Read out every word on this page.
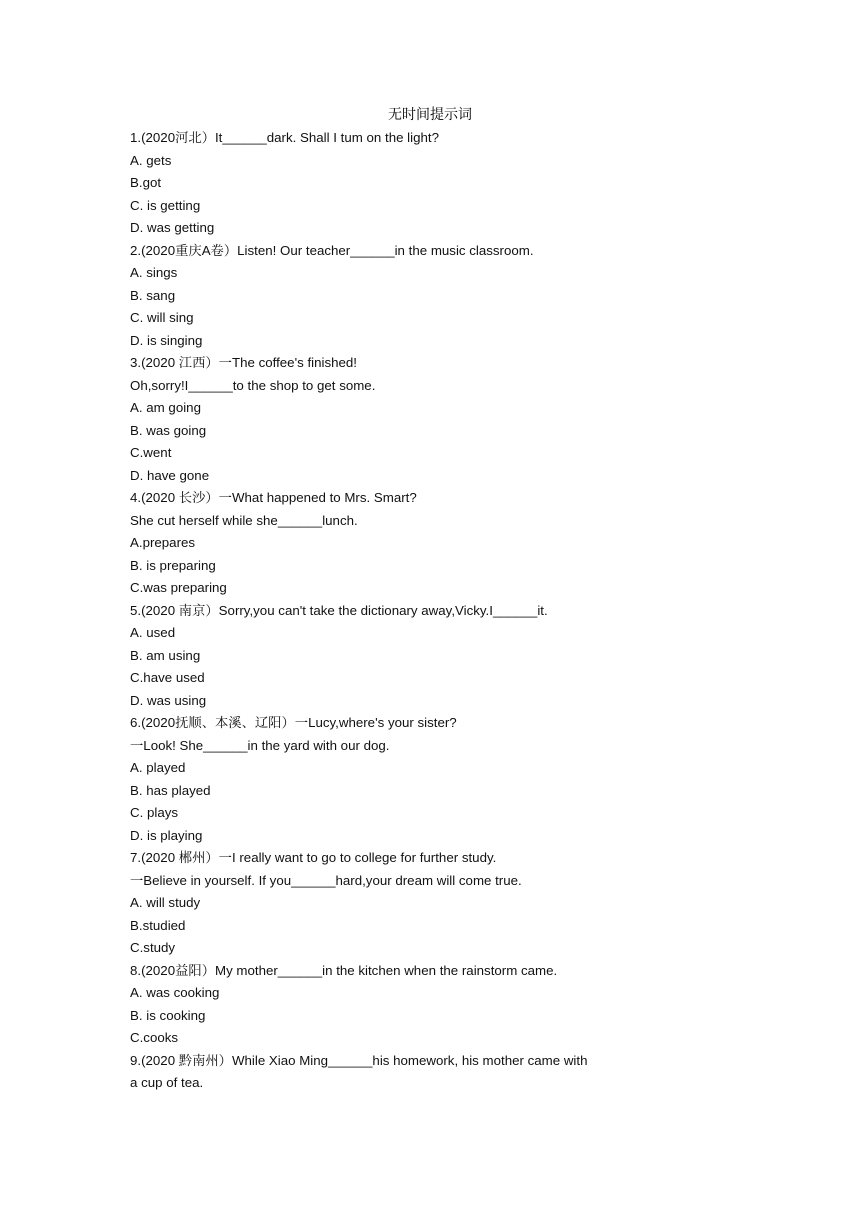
无时间提示词
1.(2020河北）It______dark. Shall I tum on the light?
A. gets
B.got
C. is getting
D. was getting
2.(2020重庆A卷）Listen! Our teacher______in the music classroom.
A. sings
B. sang
C. will sing
D. is singing
3.(2020 江西）一The coffee's finished!
Oh,sorry!I______to the shop to get some.
A. am going
B. was going
C.went
D. have gone
4.(2020 长沙）一What happened to Mrs. Smart?
She cut herself while she______lunch.
A.prepares
B. is preparing
C.was preparing
5.(2020 南京）Sorry,you can't take the dictionary away,Vicky.I______it.
A. used
B. am using
C.have used
D. was using
6.(2020抚顺、本溪、辽阳）一Lucy,where's your sister?
一Look! She______in the yard with our dog.
A. played
B. has played
C. plays
D. is playing
7.(2020 郴州）一I really want to go to college for further study.
一Believe in yourself. If you______hard,your dream will come true.
A. will study
B.studied
C.study
8.(2020益阳）My mother______in the kitchen when the rainstorm came.
A. was cooking
B. is cooking
C.cooks
9.(2020 黔南州）While Xiao Ming______his homework, his mother came with
a cup of tea.
